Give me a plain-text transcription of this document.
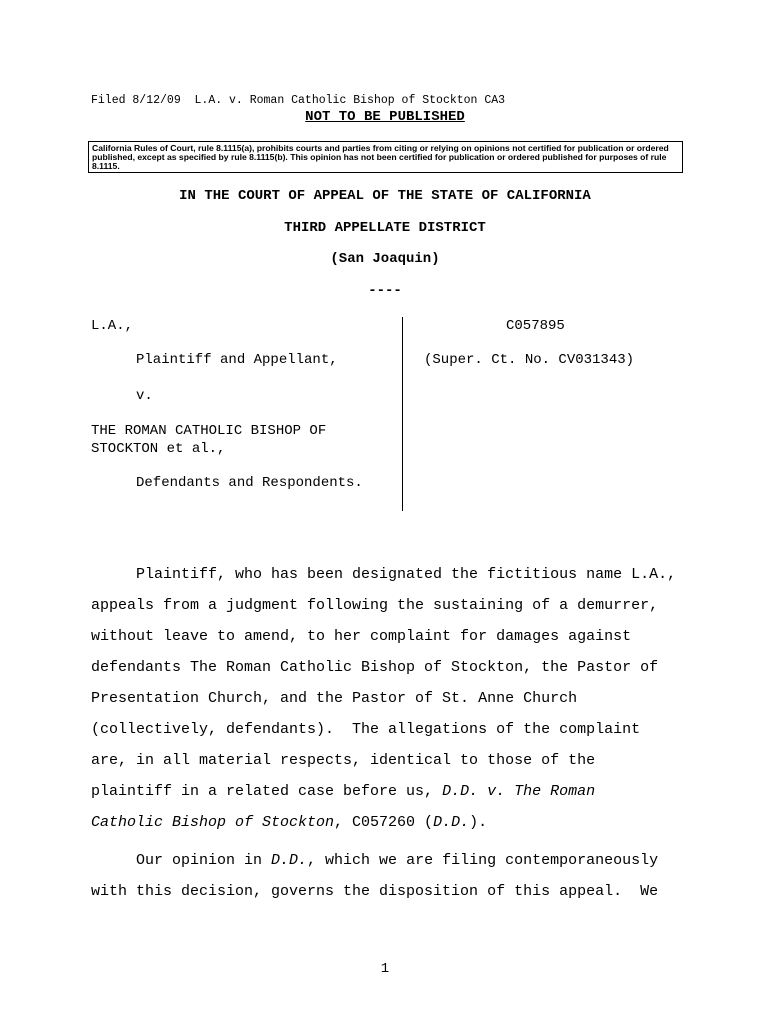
Filed 8/12/09  L.A. v. Roman Catholic Bishop of Stockton CA3
NOT TO BE PUBLISHED
California Rules of Court, rule 8.1115(a), prohibits courts and parties from citing or relying on opinions not certified for publication or ordered published, except as specified by rule 8.1115(b). This opinion has not been certified for publication or ordered published for purposes of rule 8.1115.
IN THE COURT OF APPEAL OF THE STATE OF CALIFORNIA
THIRD APPELLATE DISTRICT
(San Joaquin)
----
L.A.,
Plaintiff and Appellant,
v.
THE ROMAN CATHOLIC BISHOP OF
STOCKTON et al.,
Defendants and Respondents.
C057895
(Super. Ct. No. CV031343)
Plaintiff, who has been designated the fictitious name L.A.,
appeals from a judgment following the sustaining of a demurrer,
without leave to amend, to her complaint for damages against
defendants The Roman Catholic Bishop of Stockton, the Pastor of
Presentation Church, and the Pastor of St. Anne Church
(collectively, defendants).  The allegations of the complaint
are, in all material respects, identical to those of the
plaintiff in a related case before us, D.D. v. The Roman
Catholic Bishop of Stockton, C057260 (D.D.).
Our opinion in D.D., which we are filing contemporaneously
with this decision, governs the disposition of this appeal.  We
1
